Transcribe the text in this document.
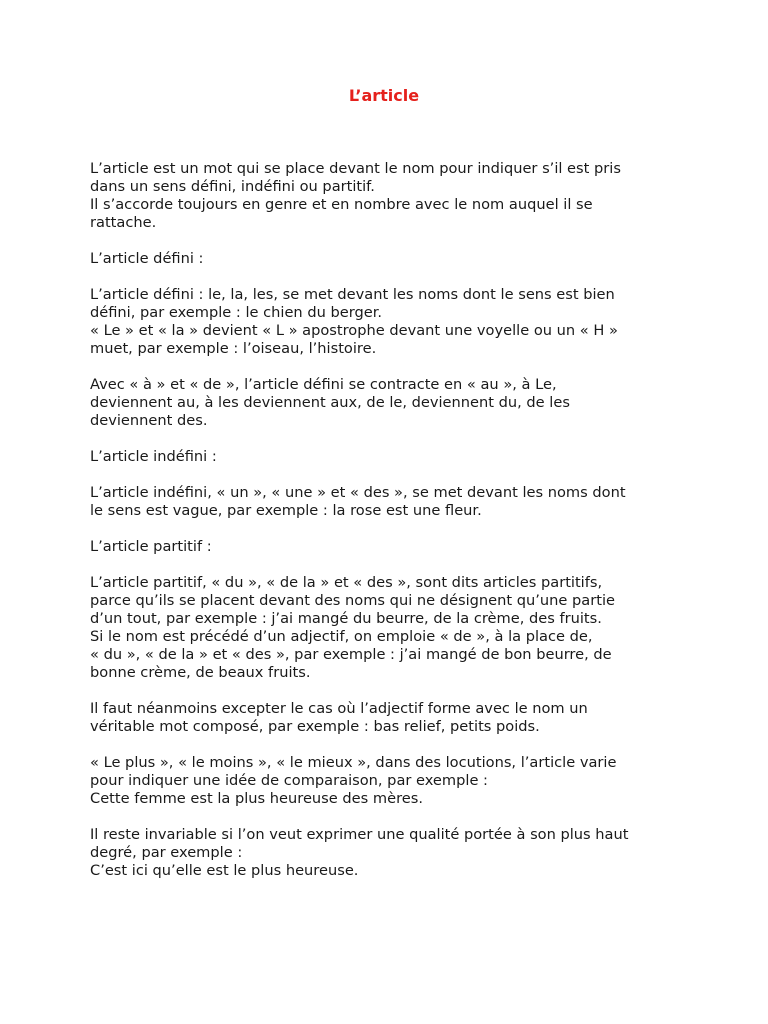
L’article

L’article est un mot qui se place devant le nom pour indiquer s’il est pris

dans un sens défini, indéfini ou partitif.

Il s’accorde toujours en genre et en nombre avec le nom auquel il se

rattache.

L’article défini :

L’article défini : le, la, les, se met devant les noms dont le sens est bien

défini, par exemple : le chien du berger.

« Le » et « la » devient « L » apostrophe devant une voyelle ou un « H »

muet, par exemple : l’oiseau, l’histoire.

Avec « à » et « de », l’article défini se contracte en « au », à Le,

deviennent au, à les deviennent aux, de le, deviennent du, de les

deviennent des.

L’article indéfini :

L’article indéfini, « un », « une » et « des », se met devant les noms dont

le sens est vague, par exemple : la rose est une fleur.

L’article partitif :

L’article partitif, « du », « de la » et « des », sont dits articles partitifs,

parce qu’ils se placent devant des noms qui ne désignent qu’une partie

d’un tout, par exemple : j’ai mangé du beurre, de la crème, des fruits.

Si le nom est précédé d’un adjectif, on emploie « de », à la place de,

« du », « de la » et « des », par exemple : j’ai mangé de bon beurre, de

bonne crème, de beaux fruits.

Il faut néanmoins excepter le cas où l’adjectif forme avec le nom un

véritable mot composé, par exemple : bas relief, petits poids.

« Le plus », « le moins », « le mieux », dans des locutions, l’article varie

pour indiquer une idée de comparaison, par exemple :

Cette femme est la plus heureuse des mères.

Il reste invariable si l’on veut exprimer une qualité portée à son plus haut

degré, par exemple :

C’est ici qu’elle est le plus heureuse.
